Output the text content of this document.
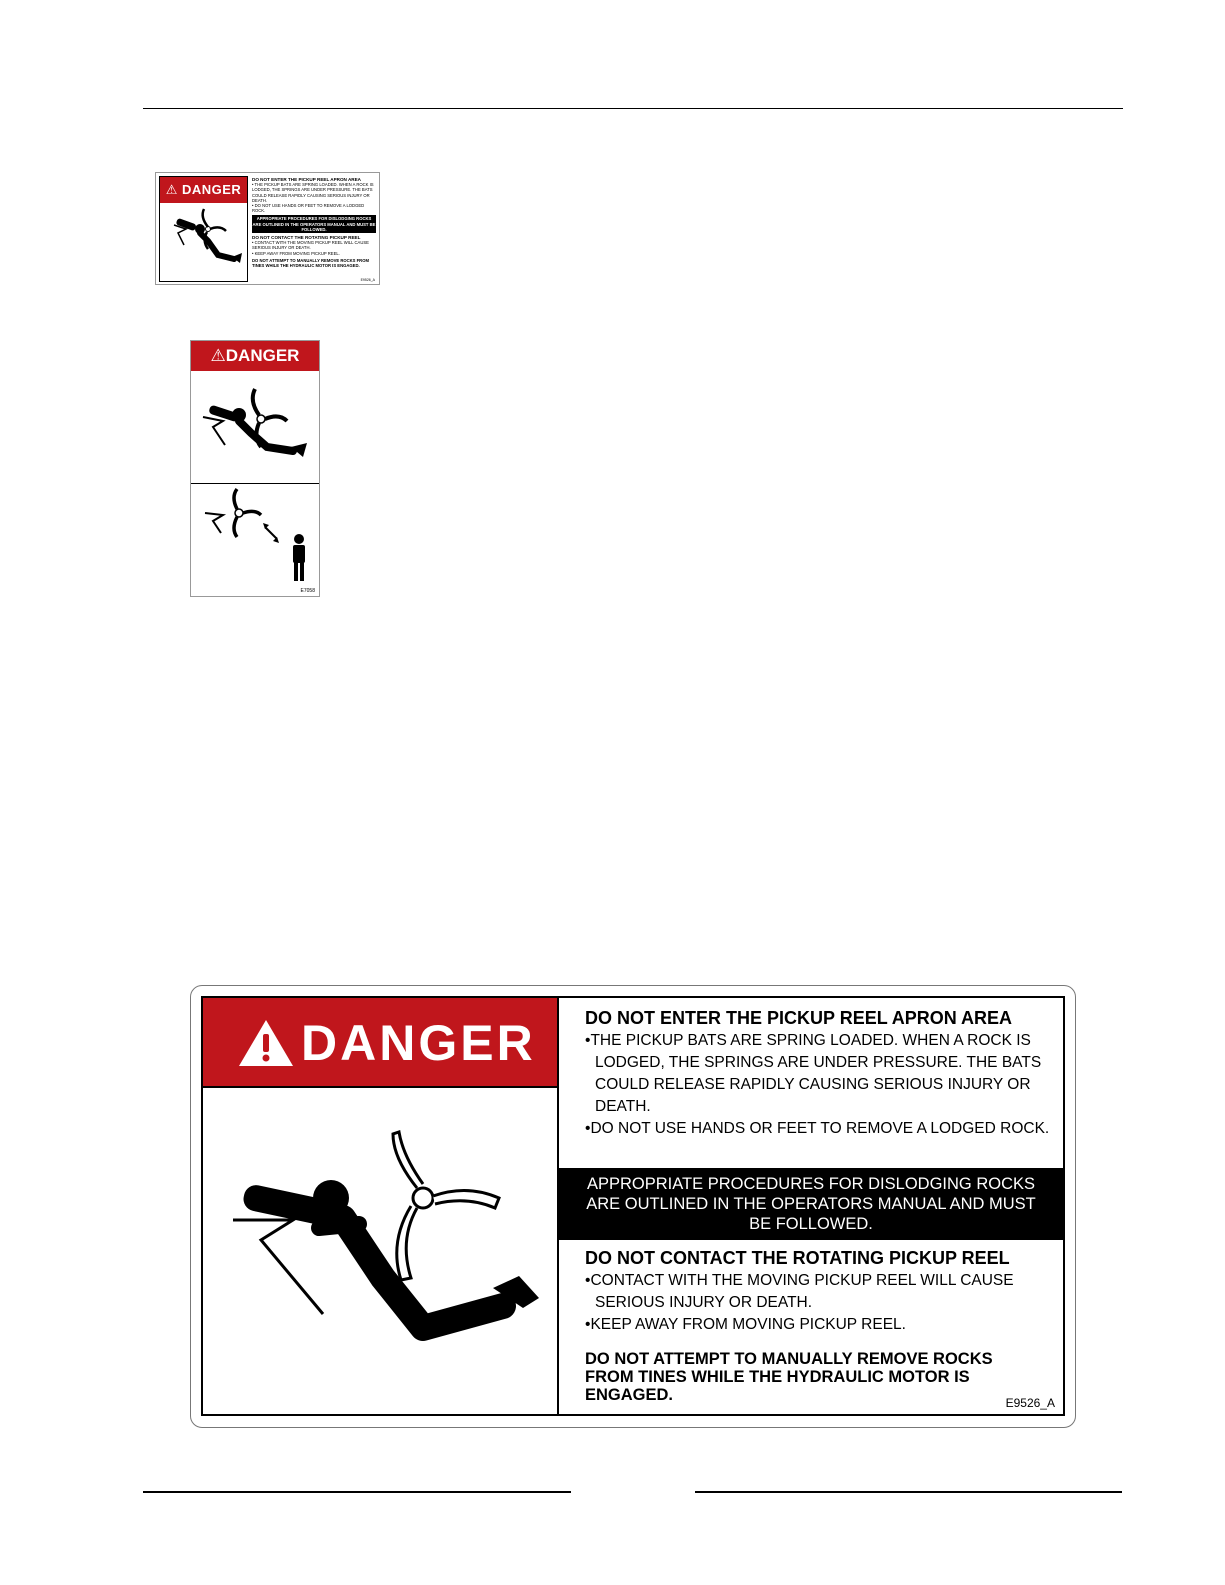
⚠ DANGER

DO NOT ENTER THE PICKUP REEL APRON AREA

• THE PICKUP BATS ARE SPRING LOADED. WHEN A ROCK IS LODGED, THE SPRINGS ARE UNDER PRESSURE. THE BATS COULD RELEASE RAPIDLY CAUSING SERIOUS INJURY OR DEATH.

• DO NOT USE HANDS OR FEET TO REMOVE A LODGED ROCK.

APPROPRIATE PROCEDURES FOR DISLODGING ROCKS ARE OUTLINED IN THE OPERATORS MANUAL AND MUST BE FOLLOWED.

DO NOT CONTACT THE ROTATING PICKUP REEL

• CONTACT WITH THE MOVING PICKUP REEL WILL CAUSE SERIOUS INJURY OR DEATH.

• KEEP AWAY FROM MOVING PICKUP REEL.

DO NOT ATTEMPT TO MANUALLY REMOVE ROCKS FROM TINES WHILE THE HYDRAULIC MOTOR IS ENGAGED.

E9526_A
⚠DANGER
E7058
DANGER	DO NOT ENTER THE PICKUP REEL APRON AREA
•THE PICKUP BATS ARE SPRING LOADED. WHEN A ROCK IS LODGED, THE SPRINGS ARE UNDER PRESSURE. THE BATS COULD RELEASE RAPIDLY CAUSING SERIOUS INJURY OR DEATH.
•DO NOT USE HANDS OR FEET TO REMOVE A LODGED ROCK.
APPROPRIATE PROCEDURES FOR DISLODGING ROCKS ARE OUTLINED IN THE OPERATORS MANUAL AND MUST BE FOLLOWED.
DO NOT CONTACT THE ROTATING PICKUP REEL
•CONTACT WITH THE MOVING PICKUP REEL WILL CAUSE SERIOUS INJURY OR DEATH.
•KEEP AWAY FROM MOVING PICKUP REEL.
DO NOT ATTEMPT TO MANUALLY REMOVE ROCKS FROM TINES WHILE THE HYDRAULIC MOTOR IS ENGAGED.	E9526_A
